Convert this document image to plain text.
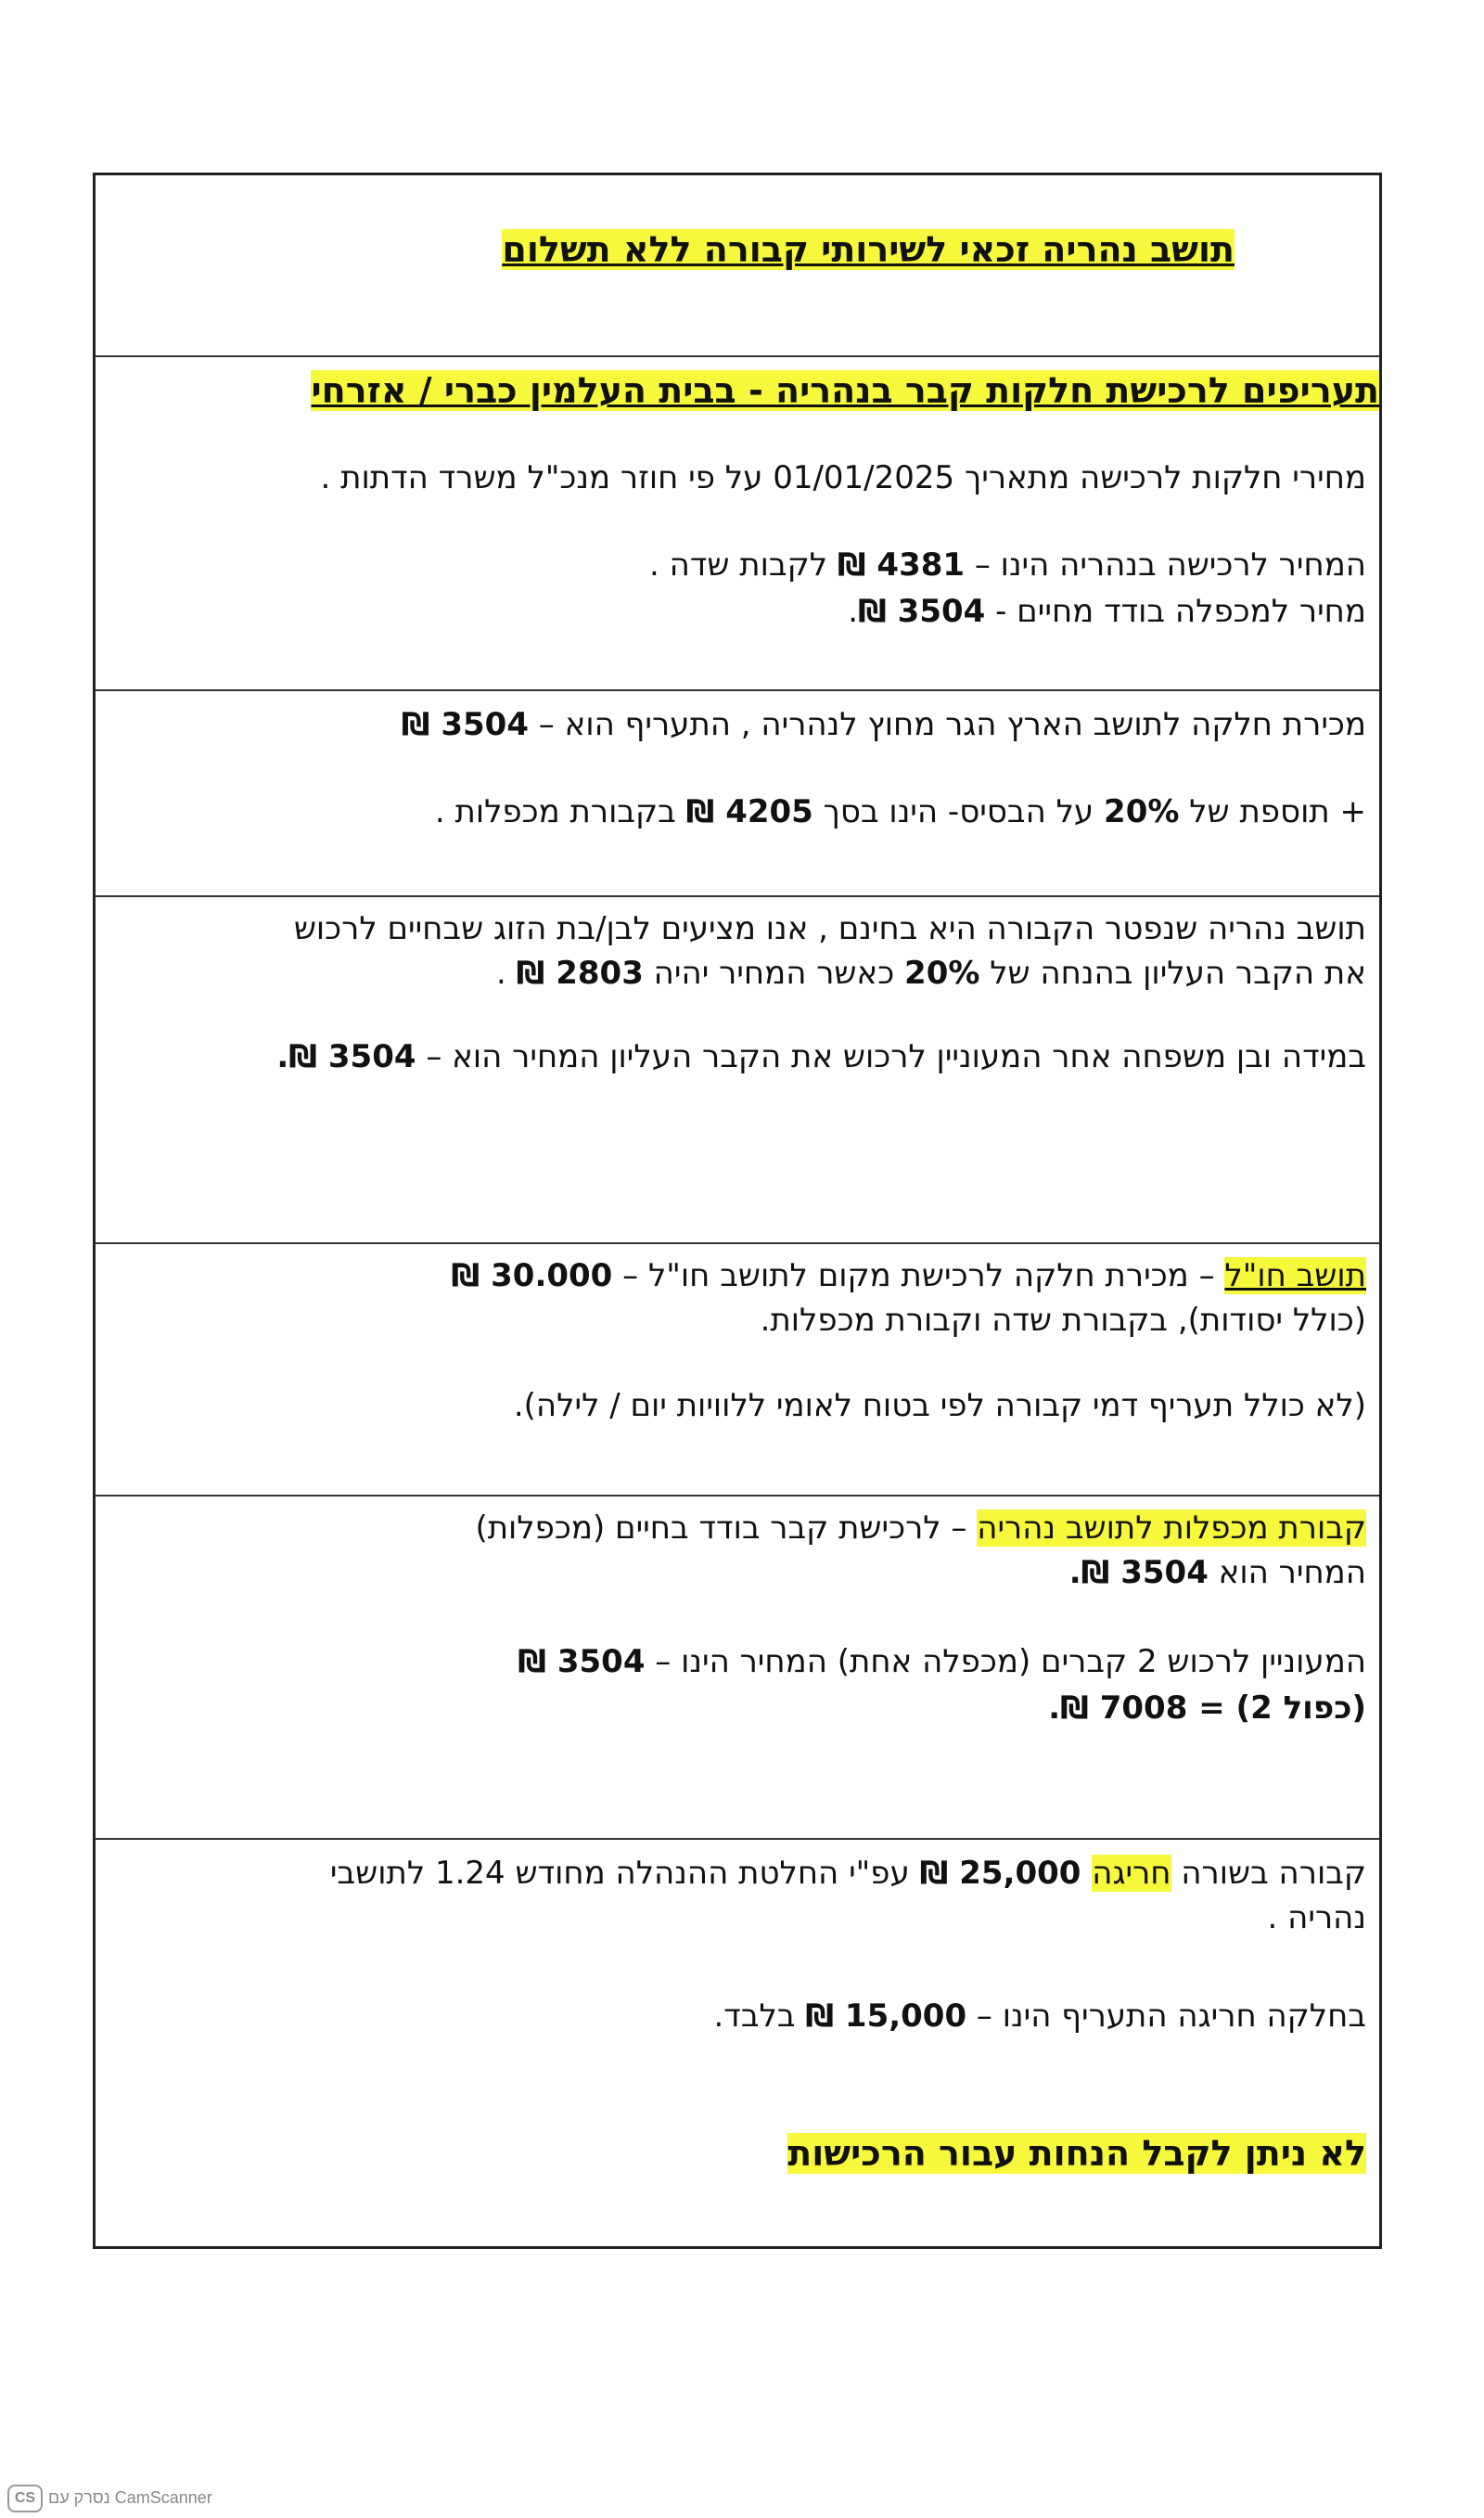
תושב נהריה זכאי לשירותי קבורה ללא תשלום
תעריפים לרכישת חלקות קבר בנהריה - בבית העלמין כברי / אזרחי
מחירי חלקות לרכישה מתאריך 01/01/2025 על פי חוזר מנכ"ל משרד הדתות .
המחיר לרכישה בנהריה הינו – 4381 ₪ לקבות שדה .
מחיר למכפלה בודד מחיים - 3504 ₪.
מכירת חלקה לתושב הארץ הגר מחוץ לנהריה , התעריף הוא – 3504 ₪
+ תוספת של 20% על הבסיס- הינו בסך 4205 ₪ בקבורת מכפלות .
תושב נהריה שנפטר הקבורה היא בחינם , אנו מציעים לבן/בת הזוג שבחיים לרכוש
את הקבר העליון בהנחה של 20% כאשר המחיר יהיה 2803 ₪ .
במידה ובן משפחה אחר המעוניין לרכוש את הקבר העליון המחיר הוא – 3504 ₪.
תושב חו"ל – מכירת חלקה לרכישת מקום לתושב חו"ל – 30.000 ₪
(כולל יסודות), בקבורת שדה וקבורת מכפלות.
(לא כולל תעריף דמי קבורה לפי בטוח לאומי ללוויות יום / לילה).
קבורת מכפלות לתושב נהריה – לרכישת קבר בודד בחיים (מכפלות)
המחיר הוא 3504 ₪.
המעוניין לרכוש 2 קברים (מכפלה אחת) המחיר הינו – 3504 ₪
(כפול 2) = 7008 ₪.
קבורה בשורה חריגה 25,000 ₪ עפ"י החלטת ההנהלה מחודש 1.24 לתושבי
נהריה .
בחלקה חריגה התעריף הינו – 15,000 ₪ בלבד.
לא ניתן לקבל הנחות עבור הרכישות
CS נסרק עם CamScanner
